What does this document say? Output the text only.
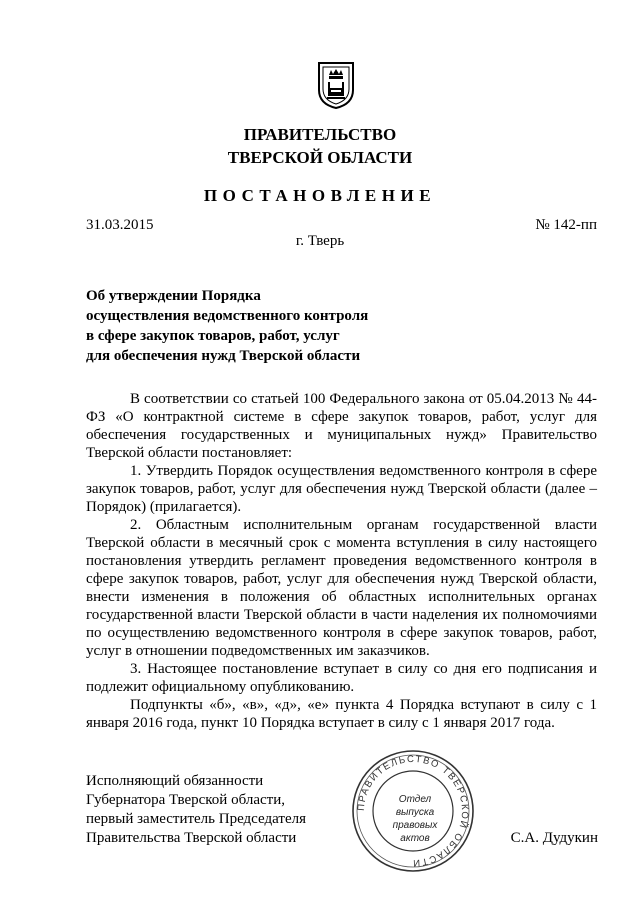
ПРАВИТЕЛЬСТВО
ТВЕРСКОЙ ОБЛАСТИ
ПОСТАНОВЛЕНИЕ
31.03.2015	№ 142-пп
г. Тверь
Об утверждении Порядка
осуществления ведомственного контроля
в сфере закупок товаров, работ, услуг
для обеспечения нужд Тверской области

В соответствии со статьей 100 Федерального закона от 05.04.2013 № 44-ФЗ «О контрактной системе в сфере закупок товаров, работ, услуг для обеспечения государственных и муниципальных нужд» Правительство Тверской области постановляет:

1. Утвердить Порядок осуществления ведомственного контроля в сфере закупок товаров, работ, услуг для обеспечения нужд Тверской области (далее – Порядок) (прилагается).

2. Областным исполнительным органам государственной власти Тверской области в месячный срок с момента вступления в силу настоящего постановления утвердить регламент проведения ведомственного контроля в сфере закупок товаров, работ, услуг для обеспечения нужд Тверской области, внести изменения в положения об областных исполнительных органах государственной власти Тверской области в части наделения их полномочиями по осуществлению ведомственного контроля в сфере закупок товаров, работ, услуг в отношении подведомственных им заказчиков.

3. Настоящее постановление вступает в силу со дня его подписания и подлежит официальному опубликованию.

Подпункты «б», «в», «д», «е» пункта 4 Порядка вступают в силу с 1 января 2016 года, пункт 10 Порядка вступает в силу с 1 января 2017 года.

Исполняющий обязанности
Губернатора Тверской области,
первый заместитель Председателя
Правительства Тверской области
ПРАВИТЕЛЬСТВО ТВЕРСКОЙ ОБЛАСТИ
Отдел
выпуска
правовых
актов	С.А. Дудукин
